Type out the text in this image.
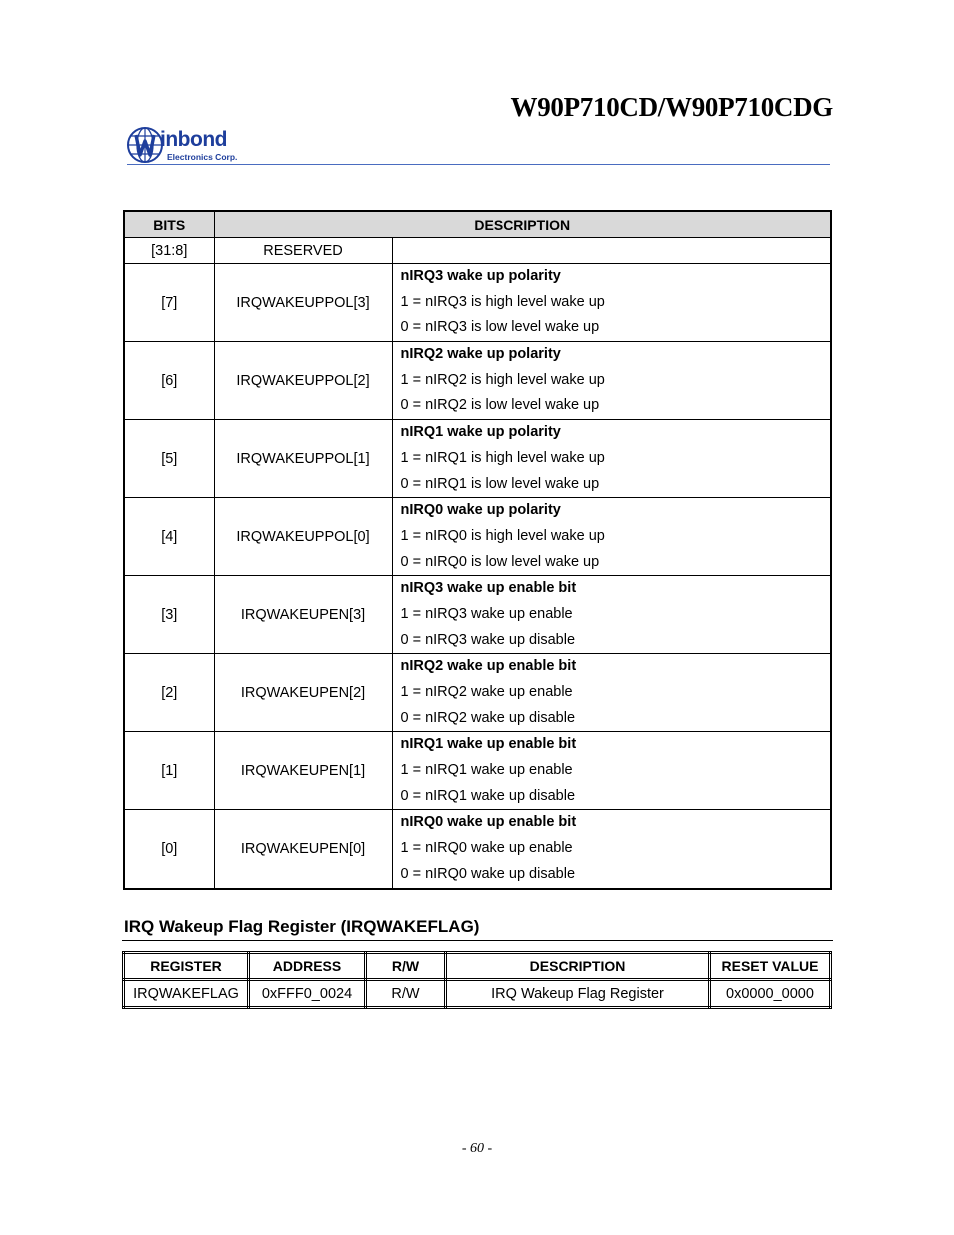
W90P710CD/W90P710CDG
inbond
Electronics Corp.
BITS	DESCRIPTION	
[31:8]	RESERVED	
[7]	IRQWAKEUPPOL[3]	nIRQ3 wake up polarity
1 = nIRQ3 is high level wake up
0 = nIRQ3 is low level wake up

[6]	IRQWAKEUPPOL[2]	nIRQ2 wake up polarity
1 = nIRQ2 is high level wake up
0 = nIRQ2 is low level wake up

[5]	IRQWAKEUPPOL[1]	nIRQ1 wake up polarity
1 = nIRQ1 is high level wake up
0 = nIRQ1 is low level wake up

[4]	IRQWAKEUPPOL[0]	nIRQ0 wake up polarity
1 = nIRQ0 is high level wake up
0 = nIRQ0 is low level wake up

[3]	IRQWAKEUPEN[3]	nIRQ3 wake up enable bit
1 = nIRQ3 wake up enable
0 = nIRQ3 wake up disable

[2]	IRQWAKEUPEN[2]	nIRQ2 wake up enable bit
1 = nIRQ2 wake up enable
0 = nIRQ2 wake up disable

[1]	IRQWAKEUPEN[1]	nIRQ1 wake up enable bit
1 = nIRQ1 wake up enable
0 = nIRQ1 wake up disable

[0]	IRQWAKEUPEN[0]	nIRQ0 wake up enable bit
1 = nIRQ0 wake up enable
0 = nIRQ0 wake up disable
IRQ Wakeup Flag Register (IRQWAKEFLAG)
REGISTER	ADDRESS	R/W	DESCRIPTION	RESET VALUE
IRQWAKEFLAG	0xFFF0_0024	R/W	IRQ Wakeup Flag Register	0x0000_0000
- 60 -
